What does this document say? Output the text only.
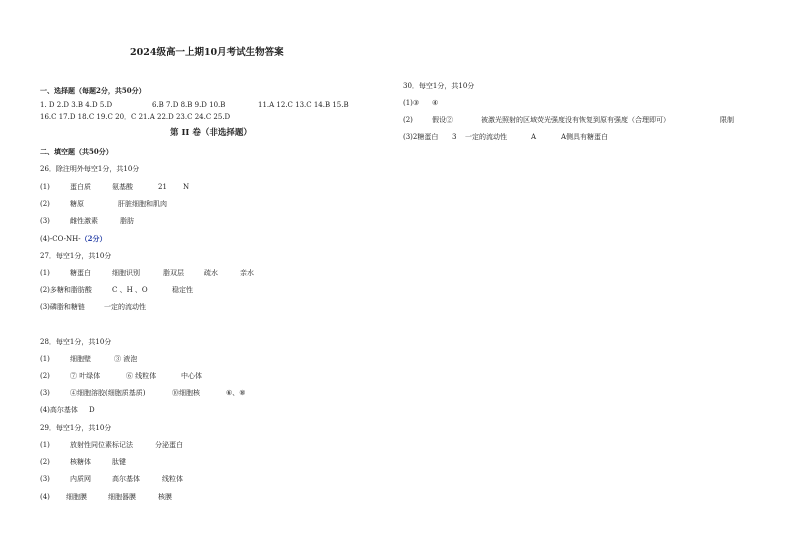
2024级高一上期10月考试生物答案
一、选择题（每题2分，共50分）
1. D 2.D 3.B 4.D 5.D	6.B 7.D 8.B 9.D 10.B	11.A 12.C 13.C 14.B 15.B
16.C 17.D 18.C 19.C 20．C 21.A 22.D 23.C 24.C 25.D
第 II 卷（非选择题）
二、填空题（共50分）
26．除注明外每空1分，共10分
(1)	蛋白质	氨基酸	21 N
(2)	糖原	肝脏细胞和肌肉
(3)	雌性激素	脂肪
(4)-CO-NH-（2分）
27．每空1分，共10分
(1)	糖蛋白	细胞识别	脂双层	疏水	亲水
(2)多糖和脂肪酸	C 、H 、O	稳定性
(3)磷脂和糖链	一定的流动性
28．每空1分，共10分
(1)	细胞壁	③ 液泡
(2)	⑦ 叶绿体	⑥ 线粒体	中心体
(3)	④细胞溶胶(细胞质基质)	⑩细胞核	⑥、⑧
(4)高尔基体 D
29．每空1分，共10分
(1)	放射性同位素标记法	分泌蛋白
(2)	核糖体	肽键
(3)	内质网	高尔基体	线粒体
(4) 细胞膜	细胞器膜	核膜
30．每空1分，共10分
(1)③ ④
(2)	假设②	被激光照射的区域荧光强度没有恢复到原有强度（合理即可）	限制
(3)2糖蛋白 3 一定的流动性	A	A侧具有糖蛋白
